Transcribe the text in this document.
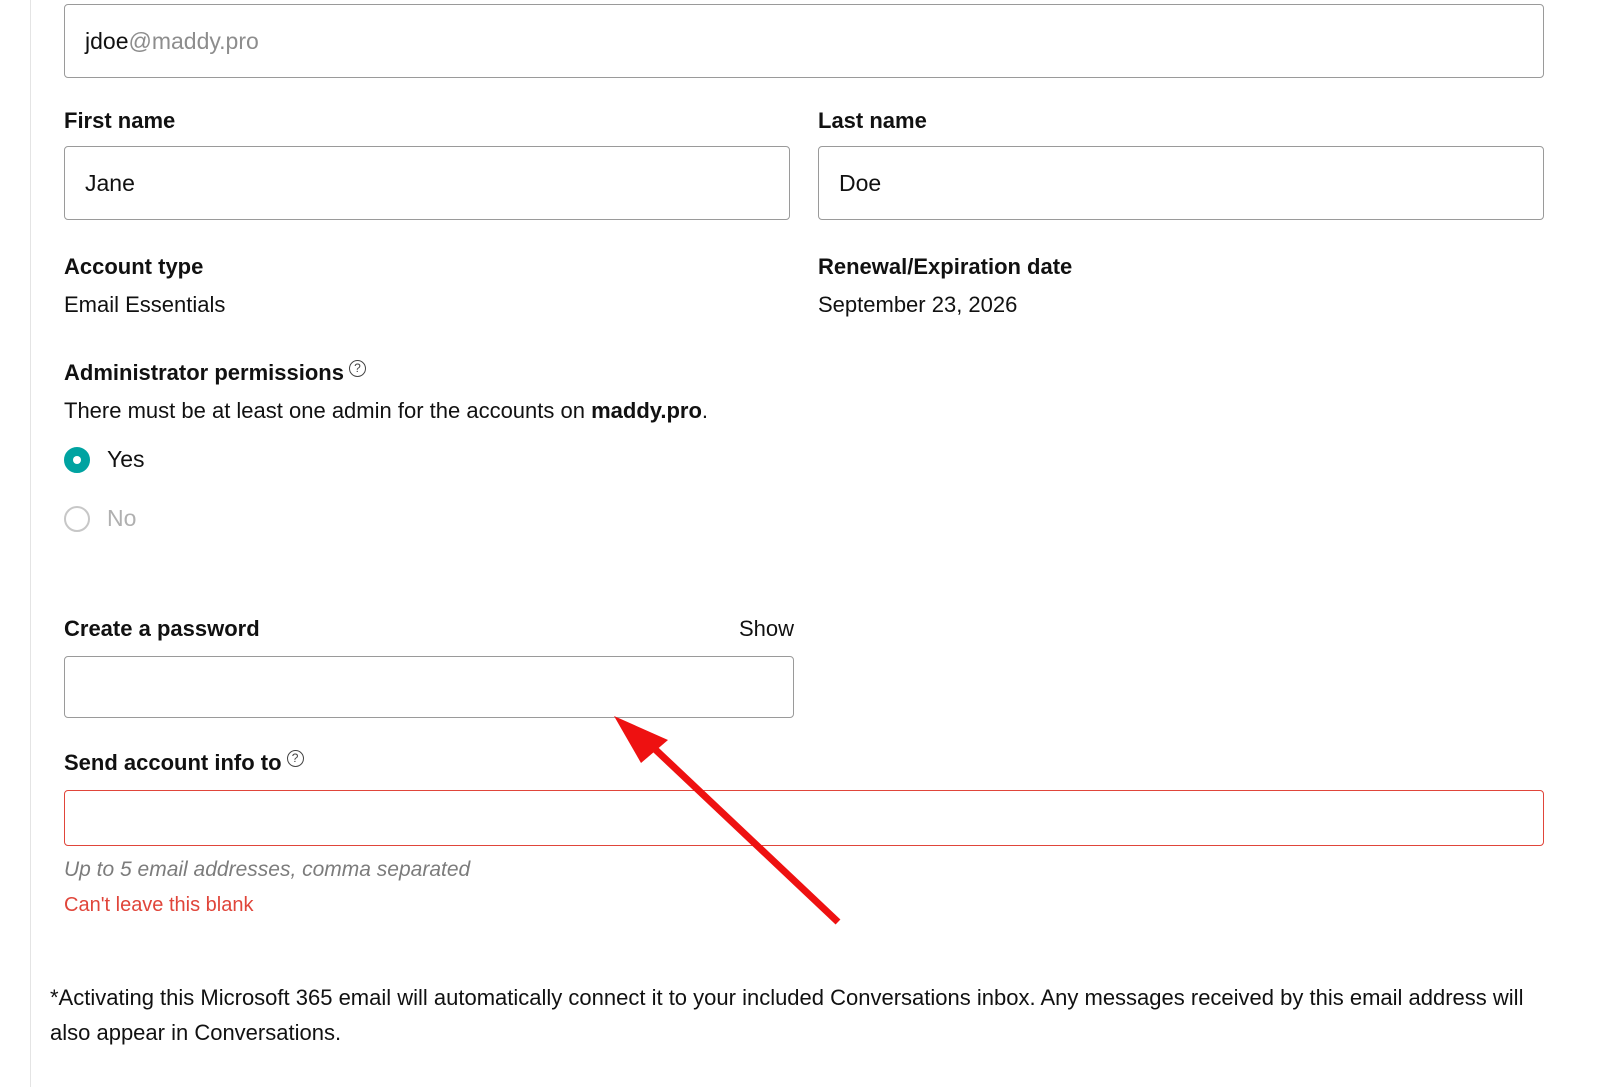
jdoe @maddy.pro
First name
Jane	Last name
Doe
Account type
Email Essentials
Renewal/Expiration date
September 23, 2026
Administrator permissions ?
There must be at least one admin for the accounts on maddy.pro.
Yes
No
Create a password	Show
Send account info to ?
Up to 5 email addresses, comma separated
Can't leave this blank
*Activating this Microsoft 365 email will automatically connect it to your included Conversations inbox. Any messages received by this email address will also appear in Conversations.
